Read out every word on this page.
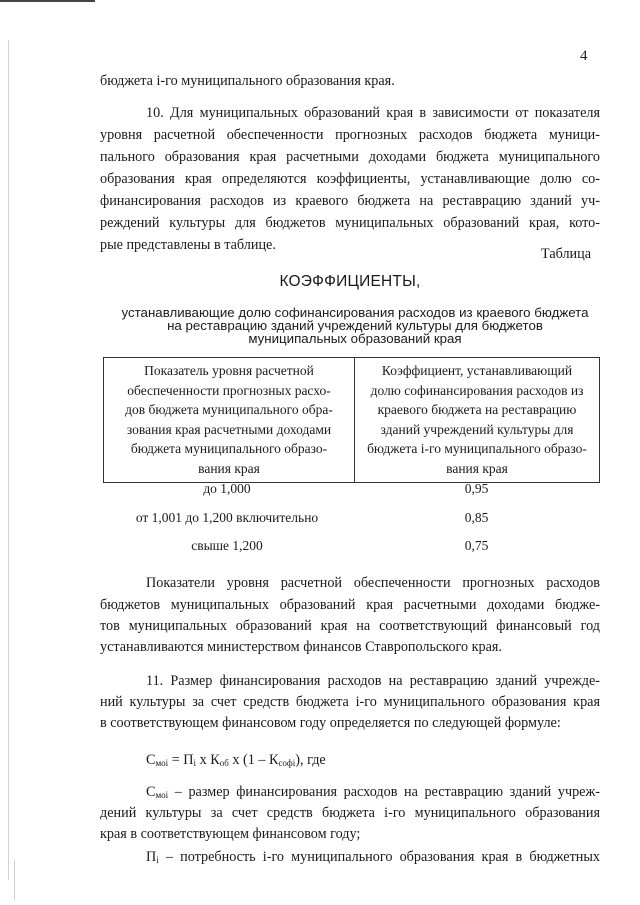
4
бюджета i-го муниципального образования края.
10. Для муниципальных образований края в зависимости от показателя
уровня расчетной обеспеченности прогнозных расходов бюджета муници-
пального образования края расчетными доходами бюджета муниципального
образования края определяются коэффициенты, устанавливающие долю со-
финансирования расходов из краевого бюджета на реставрацию зданий уч-
реждений культуры для бюджетов муниципальных образований края, кото-
рые представлены в таблице.
Таблица
КОЭФФИЦИЕНТЫ,
устанавливающие долю софинансирования расходов из краевого бюджета
на реставрацию зданий учреждений культуры для бюджетов
муниципальных образований края
Показатель уровня расчетной
обеспеченности прогнозных расхо-
дов бюджета муниципального обра-
зования края расчетными доходами
бюджета муниципального образо-
вания края

Коэффициент, устанавливающий
долю софинансирования расходов из
краевого бюджета на реставрацию
зданий учреждений культуры для
бюджета i-го муниципального образо-
вания края
до 1,000	0,95
от 1,001 до 1,200 включительно	0,85
свыше 1,200	0,75
Показатели уровня расчетной обеспеченности прогнозных расходов
бюджетов муниципальных образований края расчетными доходами бюдже-
тов муниципальных образований края на соответствующий финансовый год
устанавливаются министерством финансов Ставропольского края.
11. Размер финансирования расходов на реставрацию зданий учрежде-
ний культуры за счет средств бюджета i-го муниципального образования края
в соответствующем финансовом году определяется по следующей формуле:
$С_{моi} = П_i$ x $К_{об}$ x $(1 - К_{софi})$, где
$С_{моi}$ – размер финансирования расходов на реставрацию зданий учреж-
дений культуры за счет средств бюджета i-го муниципального образования
края в соответствующем финансовом году;
$П_i$ – потребность i-го муниципального образования края в бюджетных
